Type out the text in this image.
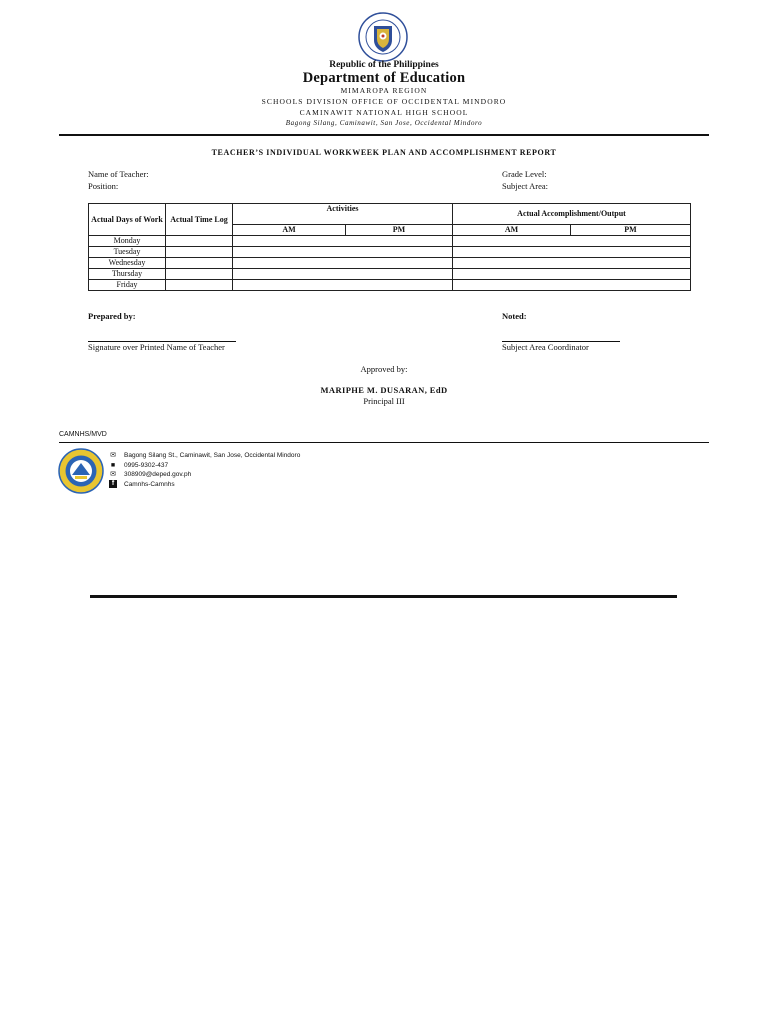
Republic of the Philippines
Department of Education
MIMAROPA REGION
SCHOOLS DIVISION OFFICE OF OCCIDENTAL MINDORO
CAMINAWIT NATIONAL HIGH SCHOOL
Bagong Silang, Caminawit, San Jose, Occidental Mindoro
TEACHER’S INDIVIDUAL WORKWEEK PLAN AND ACCOMPLISHMENT REPORT
Name of Teacher:
Position:
Grade Level:
Subject Area:
Actual Days of Work	Actual Time Log	Activities		Actual Accomplishment/Output	
		AM	PM	AM	PM
Monday					
Tuesday					
Wednesday					
Thursday					
Friday					
Prepared by:	Noted:
Signature over Printed Name of Teacher	Subject Area Coordinator
Approved by:
MARIPHE M. DUSARAN, EdD
Principal III
CAMNHS/MVD
✉ Bagong Silang St., Caminawit, San Jose, Occidental Mindoro
■ 0995-9302-437
✉ 308909@deped.gov.ph
f Camnhs-Camnhs
